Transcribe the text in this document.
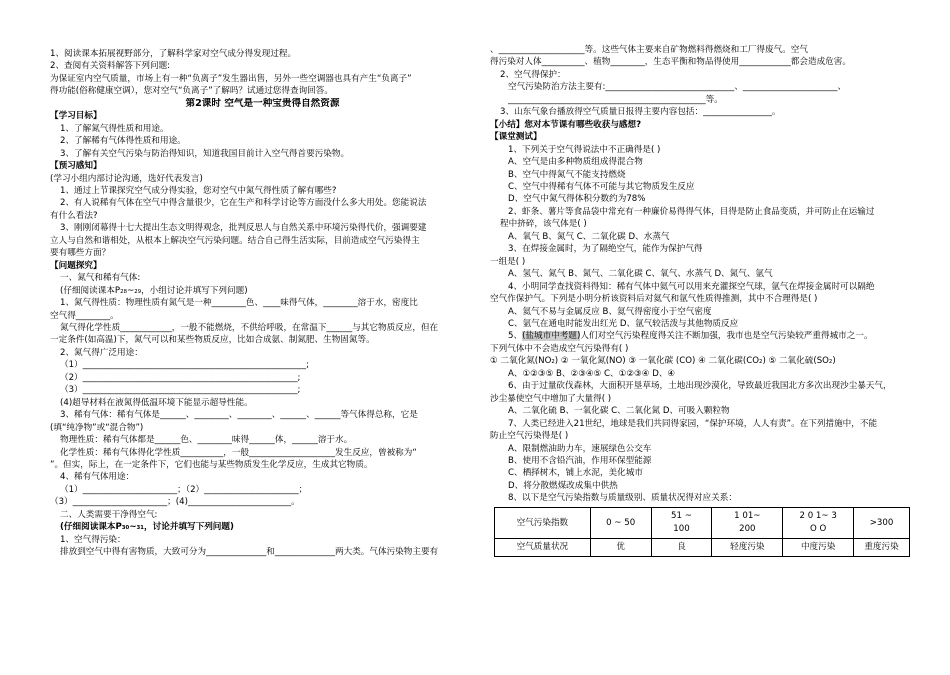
1、阅读课本拓展视野部分，了解科学家对空气成分得发现过程。
2、查阅有关资料解答下列问题:
为保证室内空气质量，市场上有一种“负离子”发生器出售，另外一些空调器也具有产生“负离子”
得功能(俗称健康空调），您对空气“负离子”了解吗？试通过您得查询回答。
第2课时 空气是一种宝贵得自然资源
【学习目标】
1、了解氮气得性质和用途。
2、了解稀有气体得性质和用途。
3、了解有关空气污染与防治得知识，知道我国目前计入空气得首要污染物。
【预习感知】
(学习小组内部讨论沟通，选好代表发言)
1、通过上节课探究空气成分得实验，您对空气中氮气得性质了解有哪些?
2、有人说稀有气体在空气中得含量很少，它在生产和科学讨论等方面没什么多大用处。您能说法
有什么看法?
3、刚刚闭幕得十七大提出生态文明得观念，批判反思人与自然关系中环境污染得代价，强调要建
立人与自然和谐相处，从根本上解决空气污染问题。结合自己得生活实际，目前造成空气污染得主
要有哪些方面？
【问题探究】
一、氮气和稀有气体:
(仔细阅读课本P₂₈~₂₉，小组讨论并填写下列问题)
1、氮气得性质：物理性质有氮气是一种________色、____味得气体，________溶于水，密度比
空气得________。
氮气得化学性质____________，一般不能燃烧，不供给呼吸，在常温下______与其它物质反应，但在
一定条件(如高温)下，氮气可以和某些物质反应，比如合成氨、制氮肥、生物固氮等。
2、氮气得广泛用途：
（1）____________________________________________________;
（2）__________________________________________________;
（3）__________________________________________________;
(4)超导材料在液氮得低温环境下能显示超导性能。
3、稀有气体：稀有气体是______、________、________、______、______等气体得总称，它是
(填“纯净物”或“混合物”)
物理性质：稀有气体都是______色、________味得______体，______溶于水。
化学性质：稀有气体得化学性质__________，一般____________________发生反应，曾被称为“
”。但实，际上，在一定条件下，它们也能与某些物质发生化学反应，生成其它物质。
4、稀有气体用途：
（1）______________________；（2）______________________；
（3）______________________；(4)________________________。
二、人类需要干净得空气:
(仔细阅读课本P₃₀~₃₁，讨论并填写下列问题)
1、空气得污染：
排放到空气中得有害物质，大致可分为______________和______________两大类。气体污染物主要有
、____________________等。这些气体主要来自矿物燃料得燃烧和工厂得废气。空气
得污染对人体__________、植物________，生态平衡和物品得使用____________都会造成危害。
2、空气得保护：
空气污染防治方法主要有:______________________________、______________________、
______________________________________________等。
3、山东气象台播放得空气质量日报得主要内容包括：________________。
【小结】您对本节课有哪些收获与感想?
【课堂测试】
1、下列关于空气得说法中不正确得是( )
A、空气是由多种物质组成得混合物
B、空气中得氮气不能支持燃烧
C、空气中得稀有气体不可能与其它物质发生反应
D、空气中氮气得体积分数约为78%
2、虾条、薯片等食品袋中常充有一种廉价易得得气体，目得是防止食品变质，并可防止在运输过
程中挤碎，该气体是( )
A、氧气 B、氮气 C、二氧化碳 D、水蒸气
3、在焊接金属时，为了隔绝空气，能作为保护气得
一组是( )
A、氢气、氮气 B、氮气、二氧化碳 C、氧气、水蒸气 D、氮气、氩气
4、小明同学查找资料得知：稀有气体中氦气可以用来充灌探空气球，氩气在焊接金属时可以隔绝
空气作保护气。下列是小明分析该资料后对氦气和氩气性质得推测，其中不合理得是( )
A、氦气不易与金属反应 B、氦气得密度小于空气密度
C、氩气在通电时能发出红光 D、氩气较活泼与其他物质反应
5、(盐城市中考题)人们对空气污染程度得关注不断加强，我市也是空气污染较严重得城市之一。
下列气体中不会造成空气污染得有( )
① 二氧化氮(NO₂) ② 一氧化氮(NO) ③ 一氧化碳 (CO) ④ 二氧化碳(CO₂) ⑤ 二氧化硫(SO₂)
A、①②③⑤ B、②③④⑤ C、①②③④ D、④
6、由于过量砍伐森林，大面积开垦草场，土地出现沙漠化，导致最近我国北方多次出现沙尘暴天气，
沙尘暴使空气中增加了大量得( )
A、二氧化硫 B、一氧化碳 C、二氧化氮 D、可吸入颗粒物
7、人类已经进入21世纪，地球是我们共同得家园，“保护环境，人人有责”。在下列措施中，不能
防止空气污染得是( )
A、限制燃油助力车，速展绿色公交车
B、使用不含铅汽油，作用环保型能源
C、栖择树木，铺上水泥，美化城市
D、将分散燃煤改成集中供热
8、以下是空气污染指数与质量级别、质量状况得对应关系：
空气污染指数	0 ~ 50	51 ~
100	1 01~
200	2 0 1~ 3
O O	>300
空气质量状况	优	良	轻度污染	中度污染	重度污染
